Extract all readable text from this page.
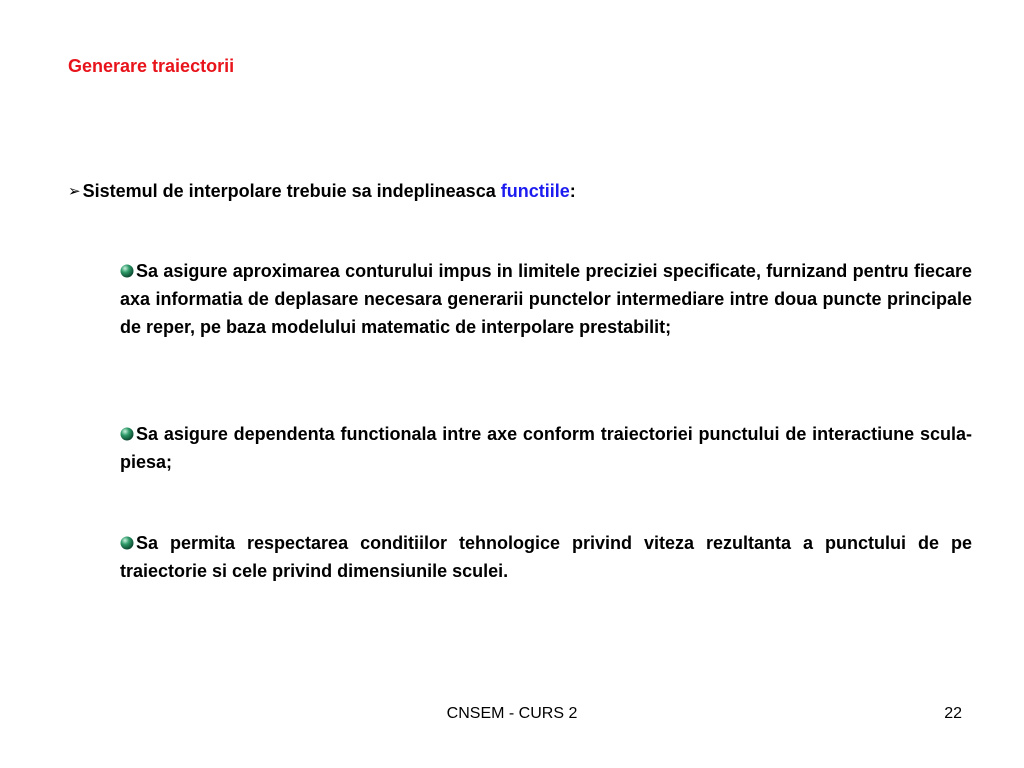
Generare traiectorii
➢ Sistemul de interpolare trebuie sa indeplineasca functiile:
Sa asigure aproximarea conturului impus in limitele preciziei specificate, furnizand pentru fiecare axa informatia de deplasare necesara generarii punctelor intermediare intre doua puncte principale de reper, pe baza modelului matematic de interpolare prestabilit;
Sa asigure dependenta functionala intre axe conform traiectoriei punctului de interactiune scula-piesa;
Sa permita respectarea conditiilor tehnologice privind viteza rezultanta a punctului de pe traiectorie si cele privind dimensiunile sculei.
CNSEM - CURS 2	22
